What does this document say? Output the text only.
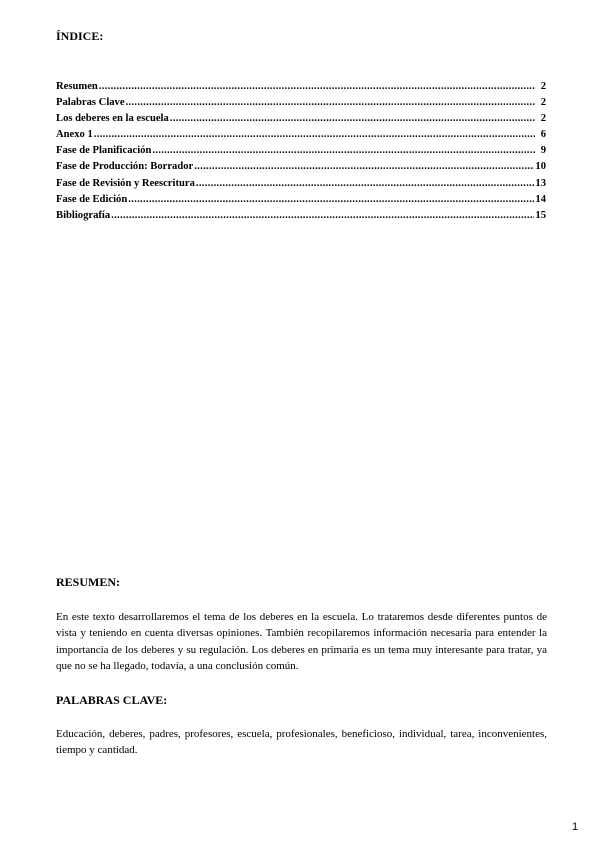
ÍNDICE:
Resumen .....	2
Palabras Clave .....	2
Los deberes en la escuela .....	2
Anexo 1 .....	6
Fase de Planificación .....	9
Fase de Producción: Borrador .....	10
Fase de Revisión y Reescritura .....	13
Fase de Edición .....	14
Bibliografía .....	15
RESUMEN:

En este texto desarrollaremos el tema de los deberes en la escuela. Lo trataremos desde diferentes puntos de vista y teniendo en cuenta diversas opiniones. También recopilaremos información necesaria para entender la importancia de los deberes y su regulación. Los deberes en primaria es un tema muy interesante para tratar, ya que no se ha llegado, todavía, a una conclusión común.

PALABRAS CLAVE:

Educación, deberes, padres, profesores, escuela, profesionales, beneficioso, individual, tarea, inconvenientes, tiempo y cantidad.

1
